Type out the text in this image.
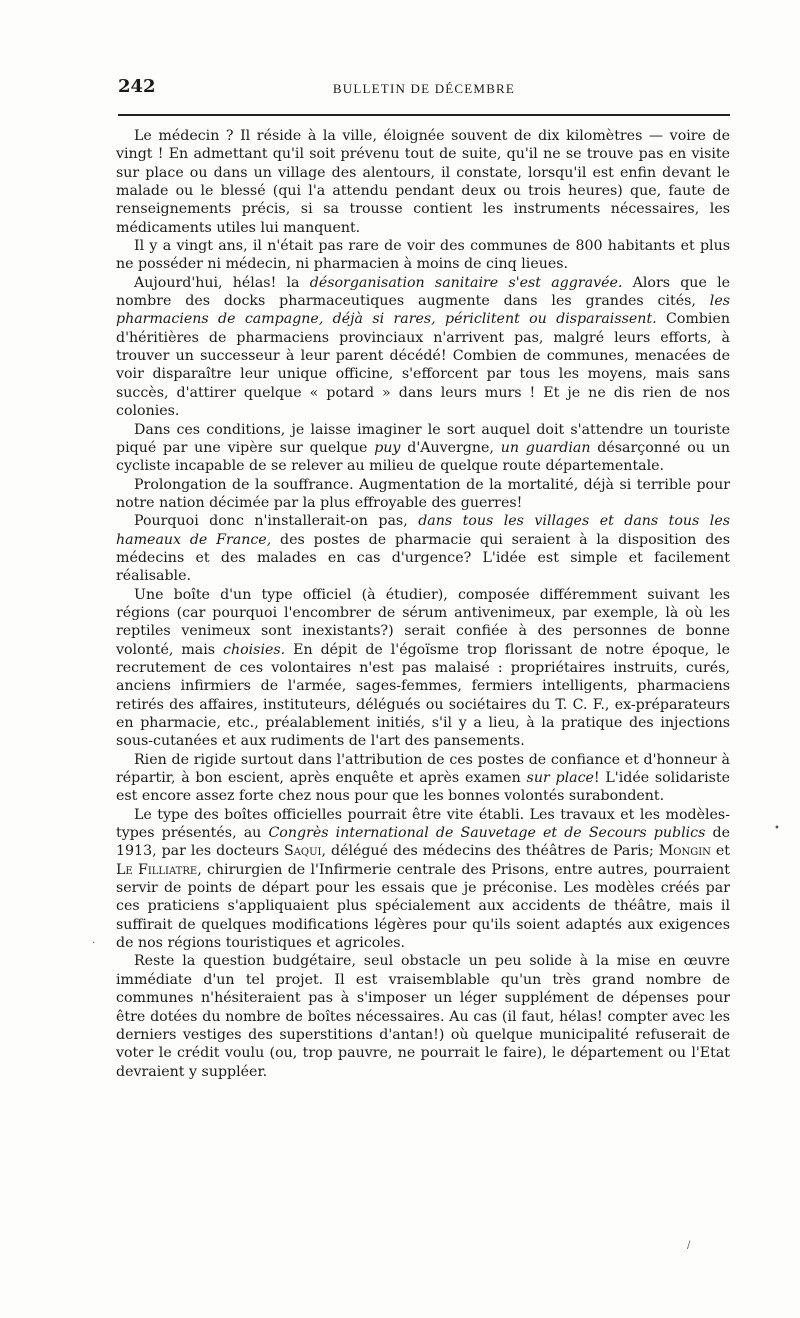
242	BULLETIN DE DÉCEMBRE

Le médecin ? Il réside à la ville, éloignée souvent de dix kilomètres — voire de vingt ! En admettant qu'il soit prévenu tout de suite, qu'il ne se trouve pas en visite sur place ou dans un village des alentours, il constate, lorsqu'il est enfin devant le malade ou le blessé (qui l'a attendu pendant deux ou trois heures) que, faute de renseignements précis, si sa trousse contient les instruments nécessaires, les médicaments utiles lui manquent.

Il y a vingt ans, il n'était pas rare de voir des communes de 800 habitants et plus ne posséder ni médecin, ni pharmacien à moins de cinq lieues.

Aujourd'hui, hélas! la désorganisation sanitaire s'est aggravée. Alors que le nombre des docks pharmaceutiques augmente dans les grandes cités, les pharmaciens de campagne, déjà si rares, périclitent ou disparaissent. Combien d'héritières de pharmaciens provinciaux n'arrivent pas, malgré leurs efforts, à trouver un successeur à leur parent décédé! Combien de communes, menacées de voir disparaître leur unique officine, s'efforcent par tous les moyens, mais sans succès, d'attirer quelque « potard » dans leurs murs ! Et je ne dis rien de nos colonies.

Dans ces conditions, je laisse imaginer le sort auquel doit s'attendre un touriste piqué par une vipère sur quelque puy d'Auvergne, un guardian désarçonné ou un cycliste incapable de se relever au milieu de quelque route départementale.

Prolongation de la souffrance. Augmentation de la mortalité, déjà si terrible pour notre nation décimée par la plus effroyable des guerres!

Pourquoi donc n'installerait-on pas, dans tous les villages et dans tous les hameaux de France, des postes de pharmacie qui seraient à la disposition des médecins et des malades en cas d'urgence? L'idée est simple et facilement réalisable.

Une boîte d'un type officiel (à étudier), composée différemment suivant les régions (car pourquoi l'encombrer de sérum antivenimeux, par exemple, là où les reptiles venimeux sont inexistants?) serait confiée à des personnes de bonne volonté, mais choisies. En dépit de l'égoïsme trop florissant de notre époque, le recrutement de ces volontaires n'est pas malaisé : propriétaires instruits, curés, anciens infirmiers de l'armée, sages-femmes, fermiers intelligents, pharmaciens retirés des affaires, instituteurs, délégués ou sociétaires du T. C. F., ex-préparateurs en pharmacie, etc., préalablement initiés, s'il y a lieu, à la pratique des injections sous-cutanées et aux rudiments de l'art des pansements.

Rien de rigide surtout dans l'attribution de ces postes de confiance et d'honneur à répartir, à bon escient, après enquête et après examen sur place! L'idée solidariste est encore assez forte chez nous pour que les bonnes volontés surabondent.

Le type des boîtes officielles pourrait être vite établi. Les travaux et les modèles-types présentés, au Congrès international de Sauvetage et de Secours publics de 1913, par les docteurs Saqui, délégué des médecins des théâtres de Paris; Mongin et Le Filliatre, chirurgien de l'Infirmerie centrale des Prisons, entre autres, pourraient servir de points de départ pour les essais que je préconise. Les modèles créés par ces praticiens s'appliquaient plus spécialement aux accidents de théâtre, mais il suffirait de quelques modifications légères pour qu'ils soient adaptés aux exigences de nos régions touristiques et agricoles.

Reste la question budgétaire, seul obstacle un peu solide à la mise en œuvre immédiate d'un tel projet. Il est vraisemblable qu'un très grand nombre de communes n'hésiteraient pas à s'imposer un léger supplément de dépenses pour être dotées du nombre de boîtes nécessaires. Au cas (il faut, hélas! compter avec les derniers vestiges des superstitions d'antan!) où quelque municipalité refuserait de voter le crédit voulu (ou, trop pauvre, ne pourrait le faire), le département ou l'Etat devraient y suppléer.

•
·
/
